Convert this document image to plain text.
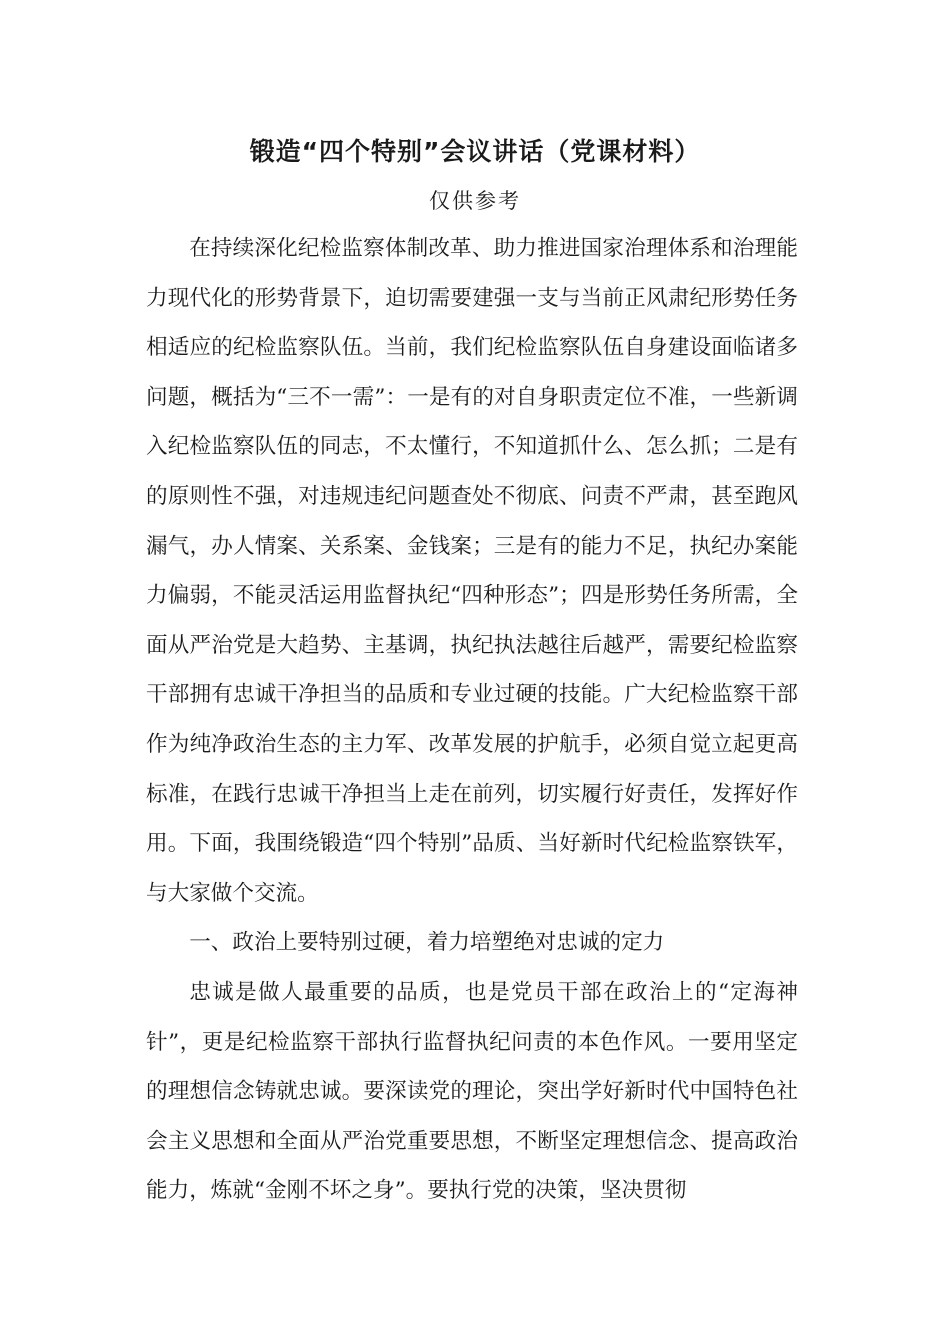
锻造“四个特别”会议讲话（党课材料）
仅供参考

在持续深化纪检监察体制改革、助力推进国家治理体系和治理能力现代化的形势背景下，迫切需要建强一支与当前正风肃纪形势任务相适应的纪检监察队伍。当前，我们纪检监察队伍自身建设面临诸多问题，概括为“三不一需”：一是有的对自身职责定位不准，一些新调入纪检监察队伍的同志，不太懂行，不知道抓什么、怎么抓；二是有的原则性不强，对违规违纪问题查处不彻底、问责不严肃，甚至跑风漏气，办人情案、关系案、金钱案；三是有的能力不足，执纪办案能力偏弱，不能灵活运用监督执纪“四种形态”；四是形势任务所需，全面从严治党是大趋势、主基调，执纪执法越往后越严，需要纪检监察干部拥有忠诚干净担当的品质和专业过硬的技能。广大纪检监察干部作为纯净政治生态的主力军、改革发展的护航手，必须自觉立起更高标准，在践行忠诚干净担当上走在前列，切实履行好责任，发挥好作用。下面，我围绕锻造“四个特别”品质、当好新时代纪检监察铁军，与大家做个交流。

一、政治上要特别过硬，着力培塑绝对忠诚的定力

忠诚是做人最重要的品质，也是党员干部在政治上的“定海神针”，更是纪检监察干部执行监督执纪问责的本色作风。一要用坚定的理想信念铸就忠诚。要深读党的理论，突出学好新时代中国特色社会主义思想和全面从严治党重要思想，不断坚定理想信念、提高政治能力，炼就“金刚不坏之身”。要执行党的决策，坚决贯彻
